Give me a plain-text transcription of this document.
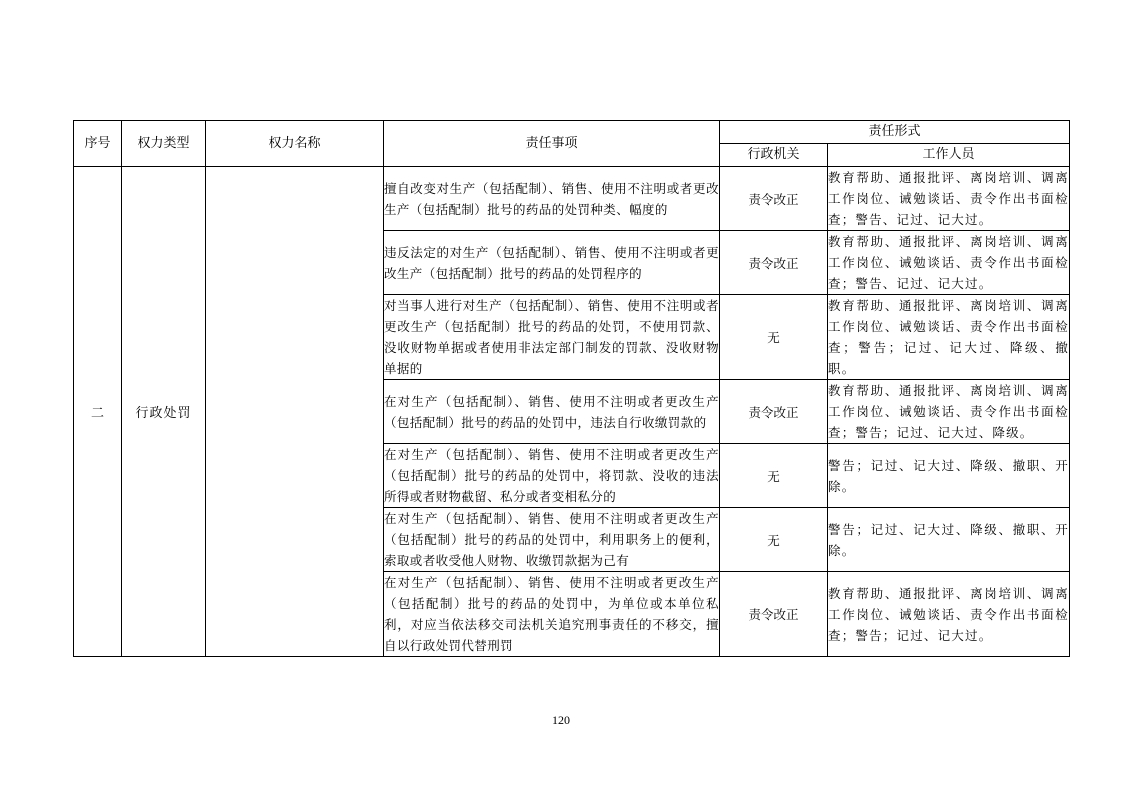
序号	权力类型	权力名称	责任事项	责任形式	
				行政机关	工作人员
二	行政处罚		擅自改变对生产（包括配制）、销售、使用不注明或者更改生产（包括配制）批号的药品的处罚种类、幅度的	责令改正	教育帮助、通报批评、离岗培训、调离工作岗位、诫勉谈话、责令作出书面检查；警告、记过、记大过。
			违反法定的对生产（包括配制）、销售、使用不注明或者更改生产（包括配制）批号的药品的处罚程序的	责令改正	教育帮助、通报批评、离岗培训、调离工作岗位、诫勉谈话、责令作出书面检查；警告、记过、记大过。
			对当事人进行对生产（包括配制）、销售、使用不注明或者更改生产（包括配制）批号的药品的处罚，不使用罚款、没收财物单据或者使用非法定部门制发的罚款、没收财物单据的	无	教育帮助、通报批评、离岗培训、调离工作岗位、诫勉谈话、责令作出书面检查；警告；记过、记大过、降级、撤职。
			在对生产（包括配制）、销售、使用不注明或者更改生产（包括配制）批号的药品的处罚中，违法自行收缴罚款的	责令改正	教育帮助、通报批评、离岗培训、调离工作岗位、诫勉谈话、责令作出书面检查；警告；记过、记大过、降级。
			在对生产（包括配制）、销售、使用不注明或者更改生产（包括配制）批号的药品的处罚中，将罚款、没收的违法所得或者财物截留、私分或者变相私分的	无	警告；记过、记大过、降级、撤职、开除。
			在对生产（包括配制）、销售、使用不注明或者更改生产（包括配制）批号的药品的处罚中，利用职务上的便利，索取或者收受他人财物、收缴罚款据为己有	无	警告；记过、记大过、降级、撤职、开除。
			在对生产（包括配制）、销售、使用不注明或者更改生产（包括配制）批号的药品的处罚中，为单位或本单位私利，对应当依法移交司法机关追究刑事责任的不移交，擅自以行政处罚代替刑罚	责令改正	教育帮助、通报批评、离岗培训、调离工作岗位、诫勉谈话、责令作出书面检查；警告；记过、记大过。
120
